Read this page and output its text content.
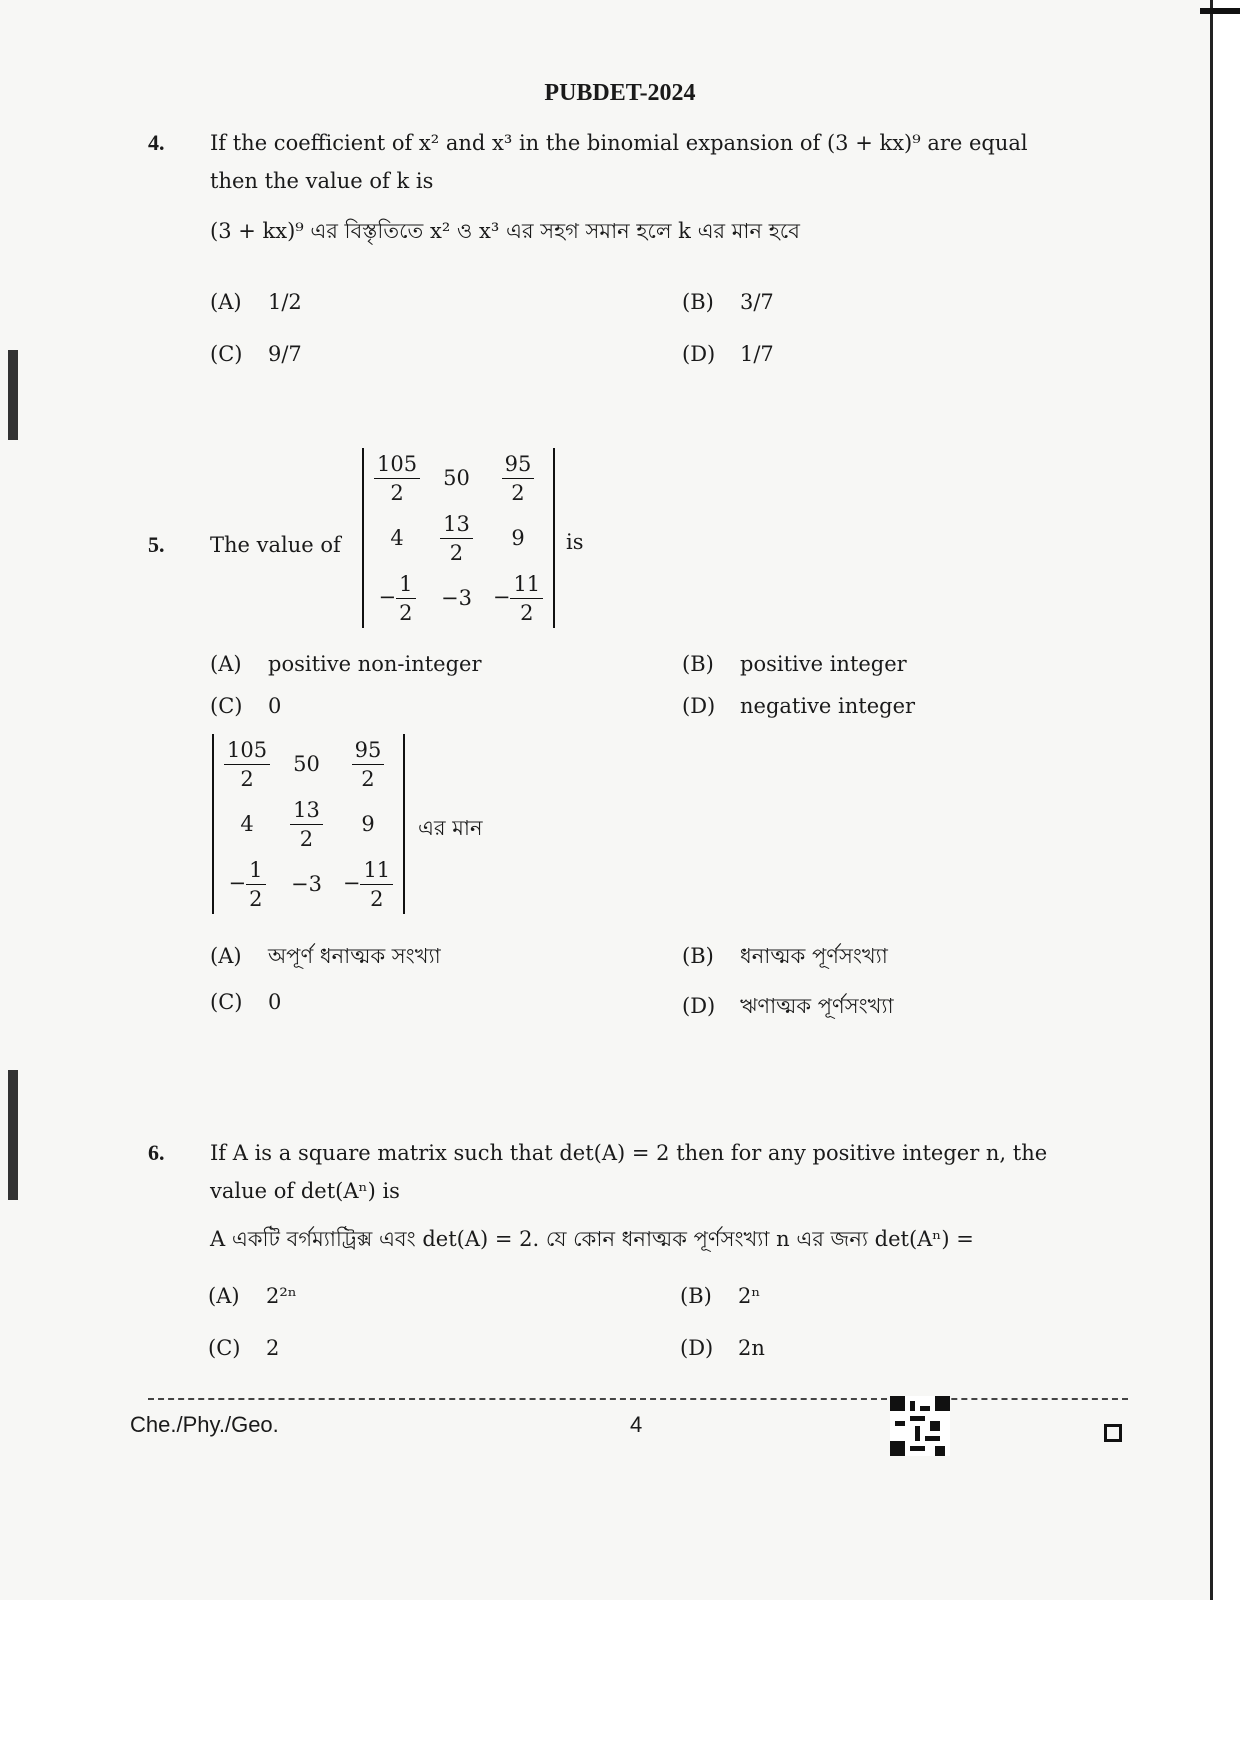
PUBDET-2024
4. If the coefficient of x² and x³ in the binomial expansion of (3 + kx)⁹ are equal
then the value of k is
(3 + kx)⁹ এর বিস্তৃতিতে x² ও x³ এর সহগ সমান হলে k এর মান হবে
(A) 1/2	(B) 3/7
(C) 9/7	(D) 1/7
5. The value of
$\frac{105}{2}$	50	$\frac{95}{2}$

4	$\frac{13}{2}$	9
− $\frac{1}{2}$	−3	− $\frac{11}{2}$
is
(A) positive non-integer	(B) positive integer
(C) 0	(D) negative integer
$\frac{105}{2}$	50	$\frac{95}{2}$

4	$\frac{13}{2}$	9
− $\frac{1}{2}$	−3	− $\frac{11}{2}$
এর মান
(A) অপূর্ণ ধনাত্মক সংখ্যা	(B) ধনাত্মক পূর্ণসংখ্যা
(C) 0	(D) ঋণাত্মক পূর্ণসংখ্যা
6. If A is a square matrix such that det(A) = 2 then for any positive integer n, the
value of det(Aⁿ) is
A একটি বর্গম্যাট্রিক্স এবং det(A) = 2. যে কোন ধনাত্মক পূর্ণসংখ্যা n এর জন্য det(Aⁿ) =
(A) 2²ⁿ	(B) 2ⁿ
(C) 2	(D) 2n
Che./Phy./Geo.	4
